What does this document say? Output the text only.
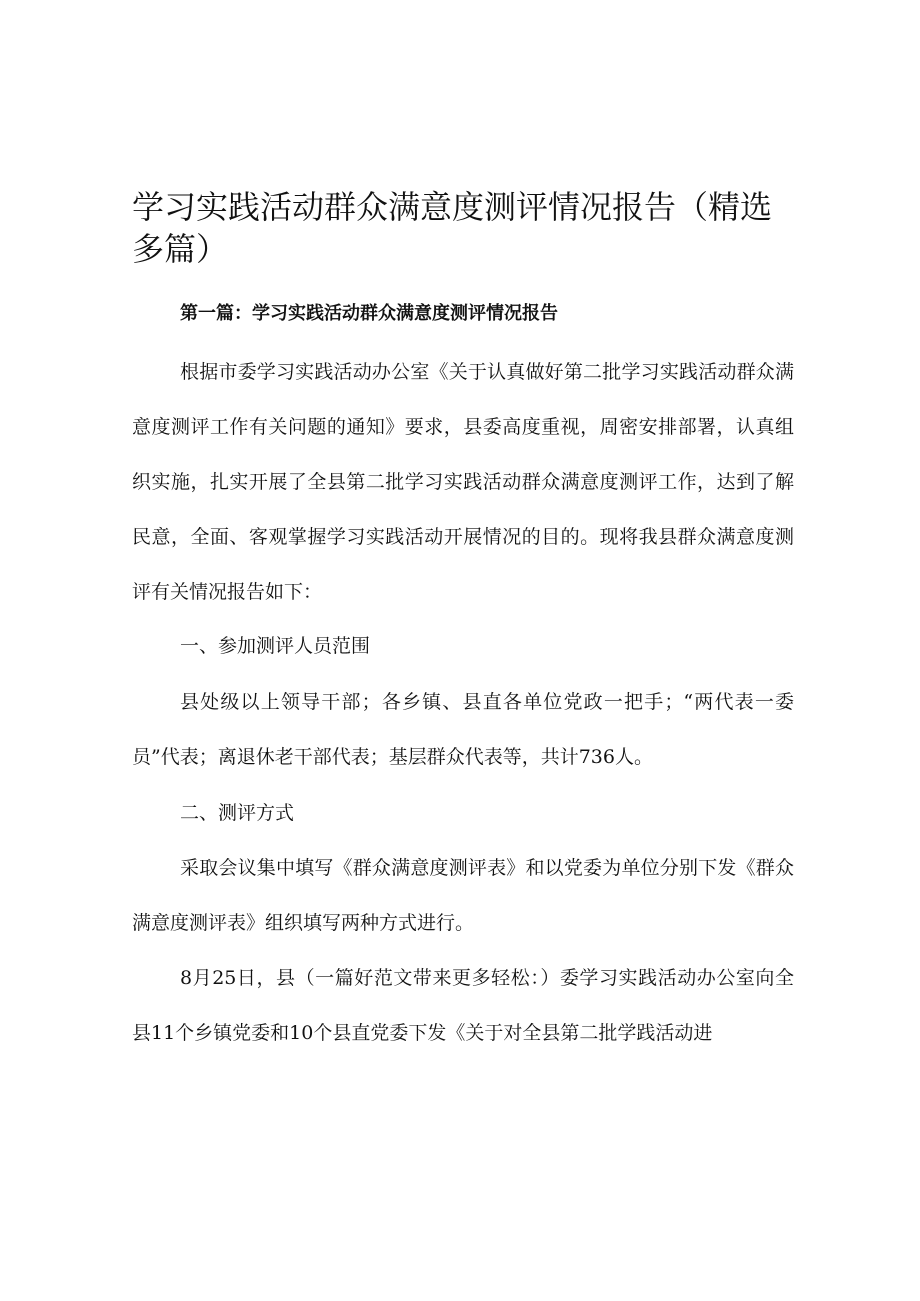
学习实践活动群众满意度测评情况报告（精选多篇）
第一篇：学习实践活动群众满意度测评情况报告

根据市委学习实践活动办公室《关于认真做好第二批学习实践活动群众满意度测评工作有关问题的通知》要求，县委高度重视，周密安排部署，认真组织实施，扎实开展了全县第二批学习实践活动群众满意度测评工作，达到了解民意，全面、客观掌握学习实践活动开展情况的目的。现将我县群众满意度测评有关情况报告如下：

一、参加测评人员范围

县处级以上领导干部；各乡镇、县直各单位党政一把手；“两代表一委员”代表；离退休老干部代表；基层群众代表等，共计736人。

二、测评方式

采取会议集中填写《群众满意度测评表》和以党委为单位分别下发《群众满意度测评表》组织填写两种方式进行。

8月25日，县（一篇好范文带来更多轻松：）委学习实践活动办公室向全县11个乡镇党委和10个县直党委下发《关于对全县第二批学践活动进
